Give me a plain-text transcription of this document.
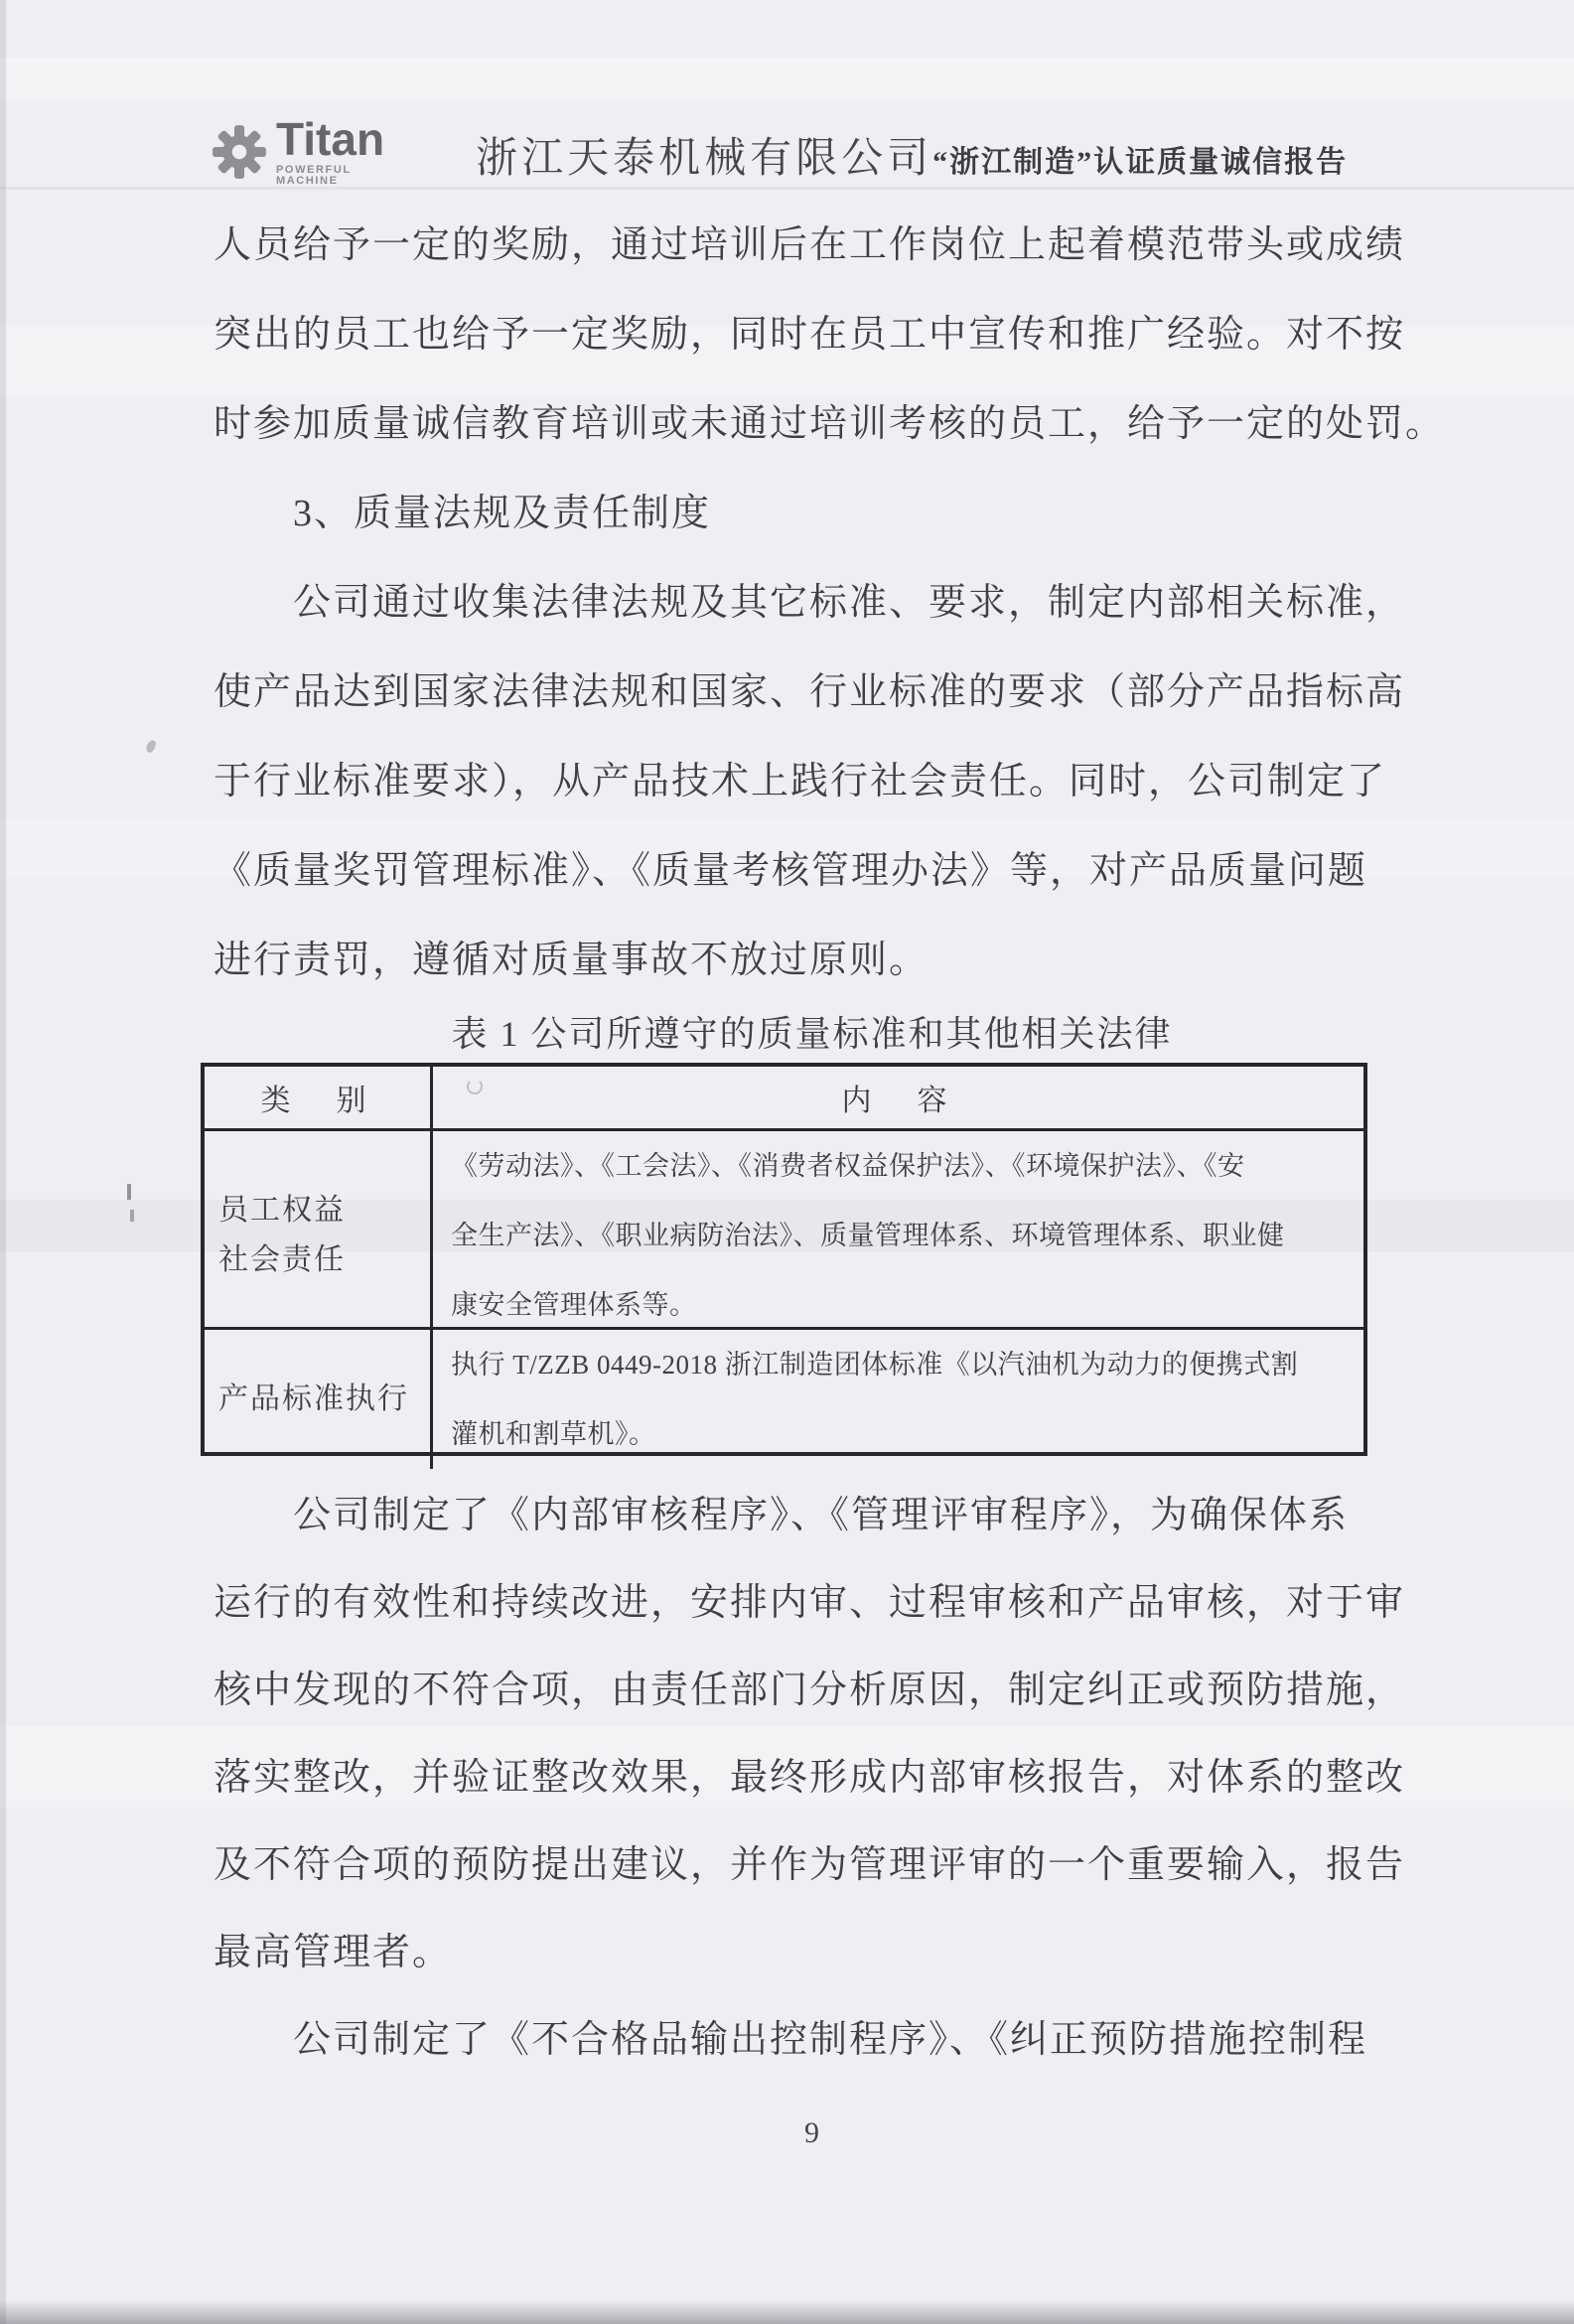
Titan
POWERFUL MACHINE	浙江天泰机械有限公司 “浙江制造”认证质量诚信报告
人员给予一定的奖励，通过培训后在工作岗位上起着模范带头或成绩
突出的员工也给予一定奖励，同时在员工中宣传和推广经验。对不按
时参加质量诚信教育培训或未通过培训考核的员工，给予一定的处罚。
3、质量法规及责任制度
公司通过收集法律法规及其它标准、要求，制定内部相关标准，
使产品达到国家法律法规和国家、行业标准的要求（部分产品指标高
于行业标准要求），从产品技术上践行社会责任。同时，公司制定了
《质量奖罚管理标准》、《质量考核管理办法》等，对产品质量问题
进行责罚，遵循对质量事故不放过原则。
表 1 公司所遵守的质量标准和其他相关法律
类　别	内　容
员工权益
社会责任
《劳动法》、《工会法》、《消费者权益保护法》、《环境保护法》、《安
全生产法》、《职业病防治法》、质量管理体系、环境管理体系、职业健
康安全管理体系等。
产品标准执行
执行 T/ZZB 0449-2018 浙江制造团体标准《以汽油机为动力的便携式割
灌机和割草机》。
公司制定了《内部审核程序》、《管理评审程序》，为确保体系
运行的有效性和持续改进，安排内审、过程审核和产品审核，对于审
核中发现的不符合项，由责任部门分析原因，制定纠正或预防措施，
落实整改，并验证整改效果，最终形成内部审核报告，对体系的整改
及不符合项的预防提出建议，并作为管理评审的一个重要输入，报告
最高管理者。
公司制定了《不合格品输出控制程序》、《纠正预防措施控制程
9
